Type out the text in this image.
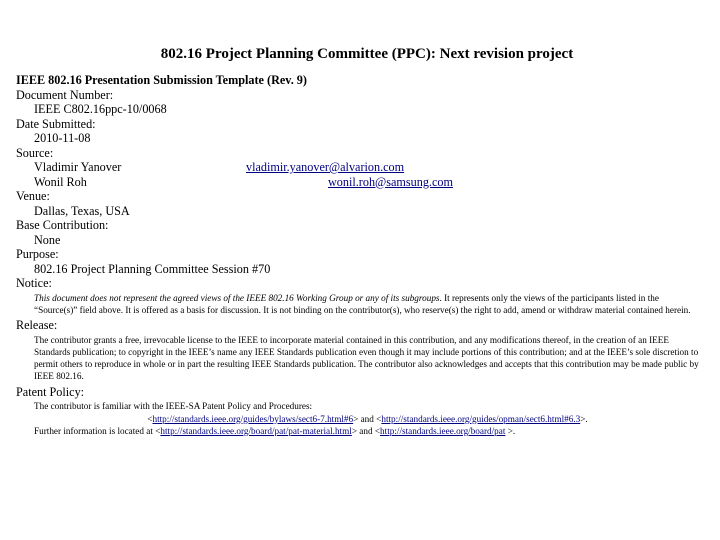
802.16 Project Planning Committee (PPC): Next revision project
IEEE 802.16 Presentation Submission Template (Rev. 9)
Document Number:
IEEE C802.16ppc-10/0068
Date Submitted:
2010-11-08
Source:
Vladimir Yanover	vladimir.yanover@alvarion.com
Wonil Roh	wonil.roh@samsung.com
Venue:
Dallas, Texas, USA
Base Contribution:
None
Purpose:
802.16 Project Planning Committee Session #70
Notice:
This document does not represent the agreed views of the IEEE 802.16 Working Group or any of its subgroups. It represents only the views of the participants listed in the “Source(s)” field above. It is offered as a basis for discussion. It is not binding on the contributor(s), who reserve(s) the right to add, amend or withdraw material contained herein.
Release:
The contributor grants a free, irrevocable license to the IEEE to incorporate material contained in this contribution, and any modifications thereof, in the creation of an IEEE Standards publication; to copyright in the IEEE’s name any IEEE Standards publication even though it may include portions of this contribution; and at the IEEE’s sole discretion to permit others to reproduce in whole or in part the resulting IEEE Standards publication. The contributor also acknowledges and accepts that this contribution may be made public by IEEE 802.16.
Patent Policy:
The contributor is familiar with the IEEE-SA Patent Policy and Procedures:
<http://standards.ieee.org/guides/bylaws/sect6-7.html#6> and <http://standards.ieee.org/guides/opman/sect6.html#6.3>.
Further information is located at <http://standards.ieee.org/board/pat/pat-material.html> and <http://standards.ieee.org/board/pat >.
